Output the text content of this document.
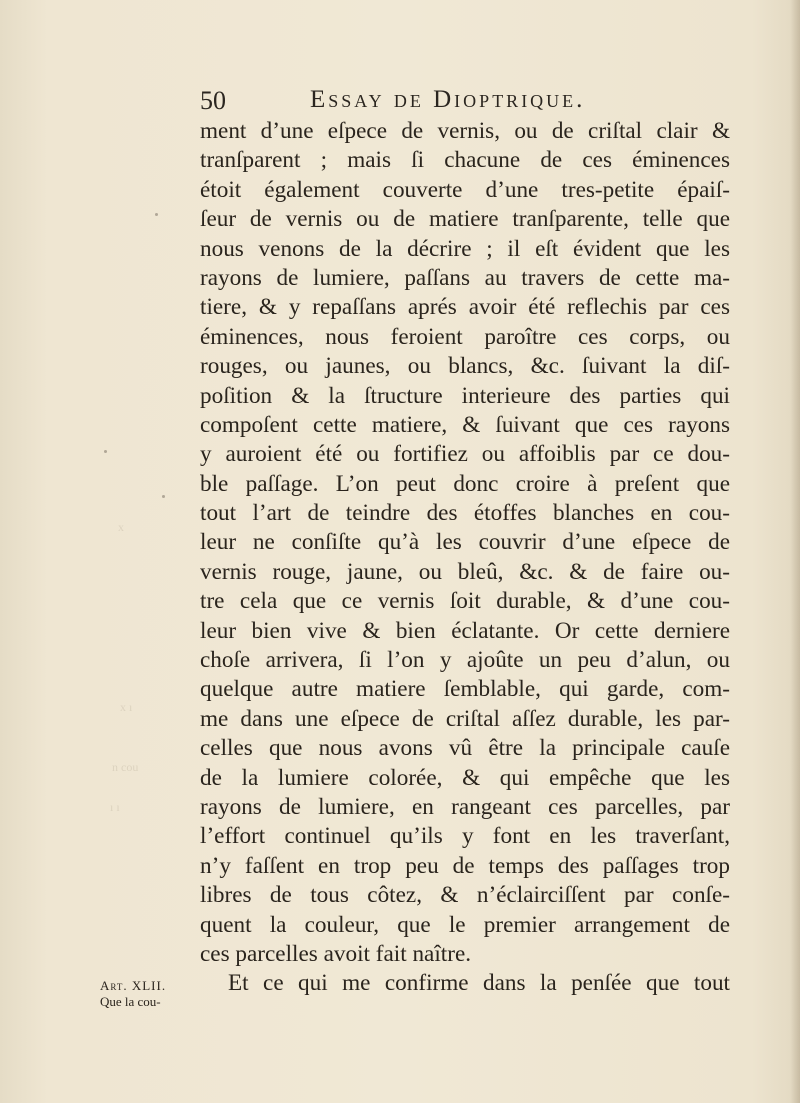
x ı
n cou
ı ı
x
50	Essay de Dioptrique.
ment d’une eſpece de vernis, ou de criſtal clair &
tranſparent ; mais ſi chacune de ces éminences
étoit également couverte d’une tres-petite épaiſ-
ſeur de vernis ou de matiere tranſparente, telle que
nous venons de la décrire ; il eſt évident que les
rayons de lumiere, paſſans au travers de cette ma-
tiere, & y repaſſans aprés avoir été reflechis par ces
éminences, nous feroient paroître ces corps, ou
rouges, ou jaunes, ou blancs, &c. ſuivant la diſ-
poſition & la ſtructure interieure des parties qui
compoſent cette matiere, & ſuivant que ces rayons
y auroient été ou fortifiez ou affoiblis par ce dou-
ble paſſage. L’on peut donc croire à preſent que
tout l’art de teindre des étoffes blanches en cou-
leur ne conſiſte qu’à les couvrir d’une eſpece de
vernis rouge, jaune, ou bleû, &c. & de faire ou-
tre cela que ce vernis ſoit durable, & d’une cou-
leur bien vive & bien éclatante. Or cette derniere
choſe arrivera, ſi l’on y ajoûte un peu d’alun, ou
quelque autre matiere ſemblable, qui garde, com-
me dans une eſpece de criſtal aſſez durable, les par-
celles que nous avons vû être la principale cauſe
de la lumiere colorée, & qui empêche que les
rayons de lumiere, en rangeant ces parcelles, par
l’effort continuel qu’ils y font en les traverſant,
n’y faſſent en trop peu de temps des paſſages trop
libres de tous côtez, & n’éclairciſſent par conſe-
quent la couleur, que le premier arrangement de
ces parcelles avoit fait naître.
Et ce qui me confirme dans la penſée que tout
Art. XLII.
Que la cou-
